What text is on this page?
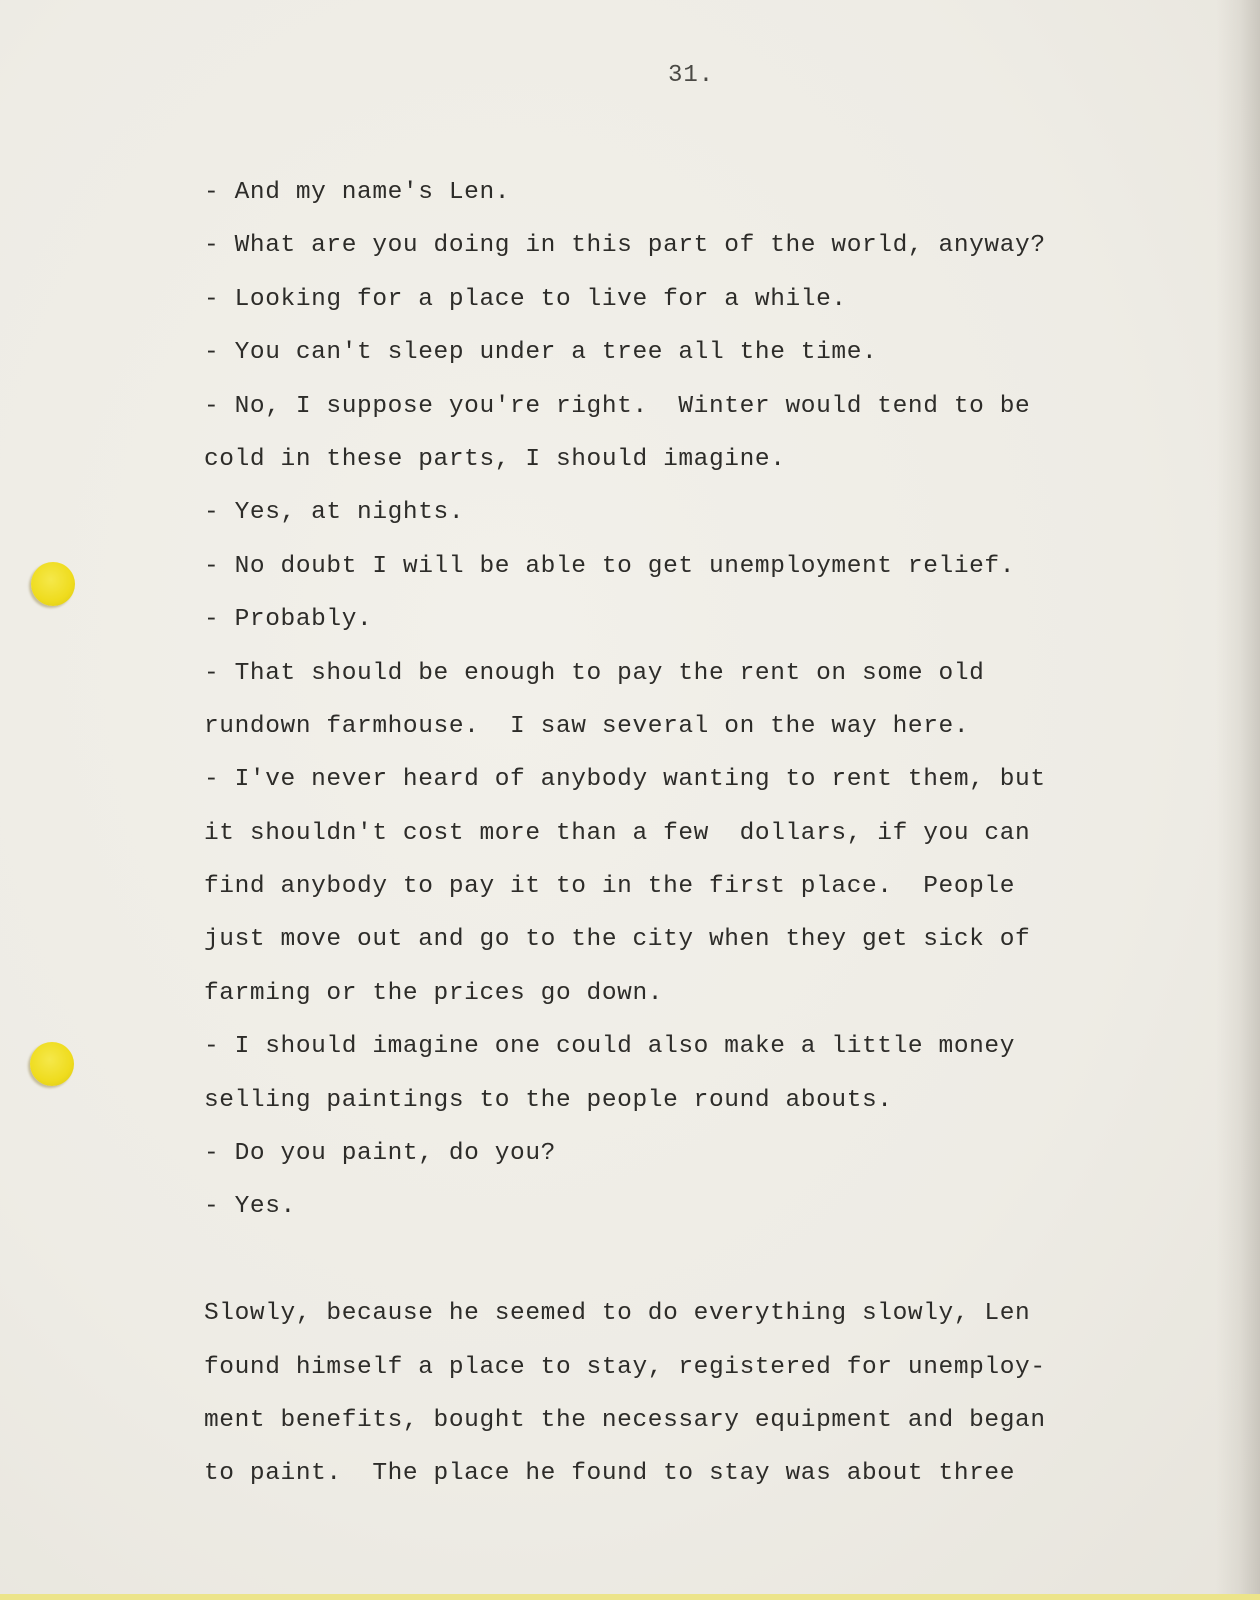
31.
- And my name's Len.
- What are you doing in this part of the world, anyway?
- Looking for a place to live for a while.
- You can't sleep under a tree all the time.
- No, I suppose you're right.  Winter would tend to be
cold in these parts, I should imagine.
- Yes, at nights.
- No doubt I will be able to get unemployment relief.
- Probably.
- That should be enough to pay the rent on some old
rundown farmhouse.  I saw several on the way here.
- I've never heard of anybody wanting to rent them, but
it shouldn't cost more than a few  dollars, if you can
find anybody to pay it to in the first place.  People
just move out and go to the city when they get sick of
farming or the prices go down.
- I should imagine one could also make a little money
selling paintings to the people round abouts.
- Do you paint, do you?
- Yes.
Slowly, because he seemed to do everything slowly, Len
found himself a place to stay, registered for unemploy-
ment benefits, bought the necessary equipment and began
to paint.  The place he found to stay was about three
